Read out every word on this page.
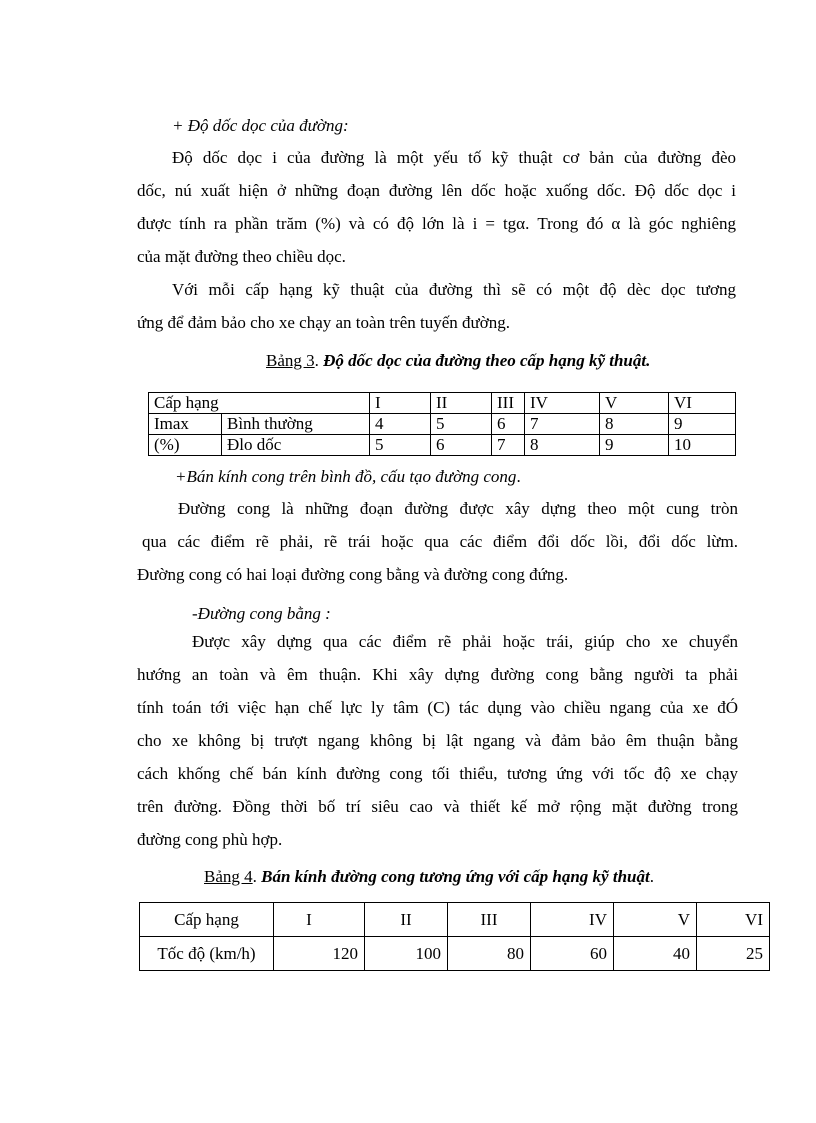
+ Độ dốc dọc của đường:
Độ dốc dọc i của đường là một yếu tố kỹ thuật cơ bản của đường đèo
dốc, nú xuất hiện ở những đoạn đường lên dốc hoặc xuống dốc. Độ dốc dọc i
được tính ra phần trăm (%) và có độ lớn là i = tgα. Trong đó α là góc nghiêng
của mặt đường theo chiều dọc.
Với mỗi cấp hạng kỹ thuật của đường thì sẽ có một độ dèc dọc tương
ứng để đảm bảo cho xe chạy an toàn trên tuyến đường.
Bảng 3. Độ dốc dọc của đường theo cấp hạng kỹ thuật.
Cấp hạng		I	II	III	IV	V	VI
Imax	Bình thường	4	5	6	7	8	9
(%)	Đlo dốc	5	6	7	8	9	10
+Bán kính cong trên bình đồ, cấu tạo đường cong.
Đường cong là những đoạn đường được xây dựng theo một cung tròn
qua các điểm rẽ phải, rẽ trái hoặc qua các điểm đổi dốc lồi, đổi dốc lừm.
Đường cong có hai loại đường cong bằng và đường cong đứng.
-Đường cong bằng :
Được xây dựng qua các điểm rẽ phải hoặc trái, giúp cho xe chuyển
hướng an toàn và êm thuận. Khi xây dựng đường cong bằng người ta phải
tính toán tới việc hạn chế lực ly tâm (C) tác dụng vào chiều ngang của xe đÓ
cho xe không bị trượt ngang không bị lật ngang và đảm bảo êm thuận bằng
cách khống chế bán kính đường cong tối thiểu, tương ứng với tốc độ xe chạy
trên đường. Đồng thời bố trí siêu cao và thiết kế mở rộng mặt đường trong
đường cong phù hợp.
Bảng 4. Bán kính đường cong tương ứng với cấp hạng kỹ thuật.
Cấp hạng	I	II	III	IV	V	VI
Tốc độ (km/h)	120	100	80	60	40	25
